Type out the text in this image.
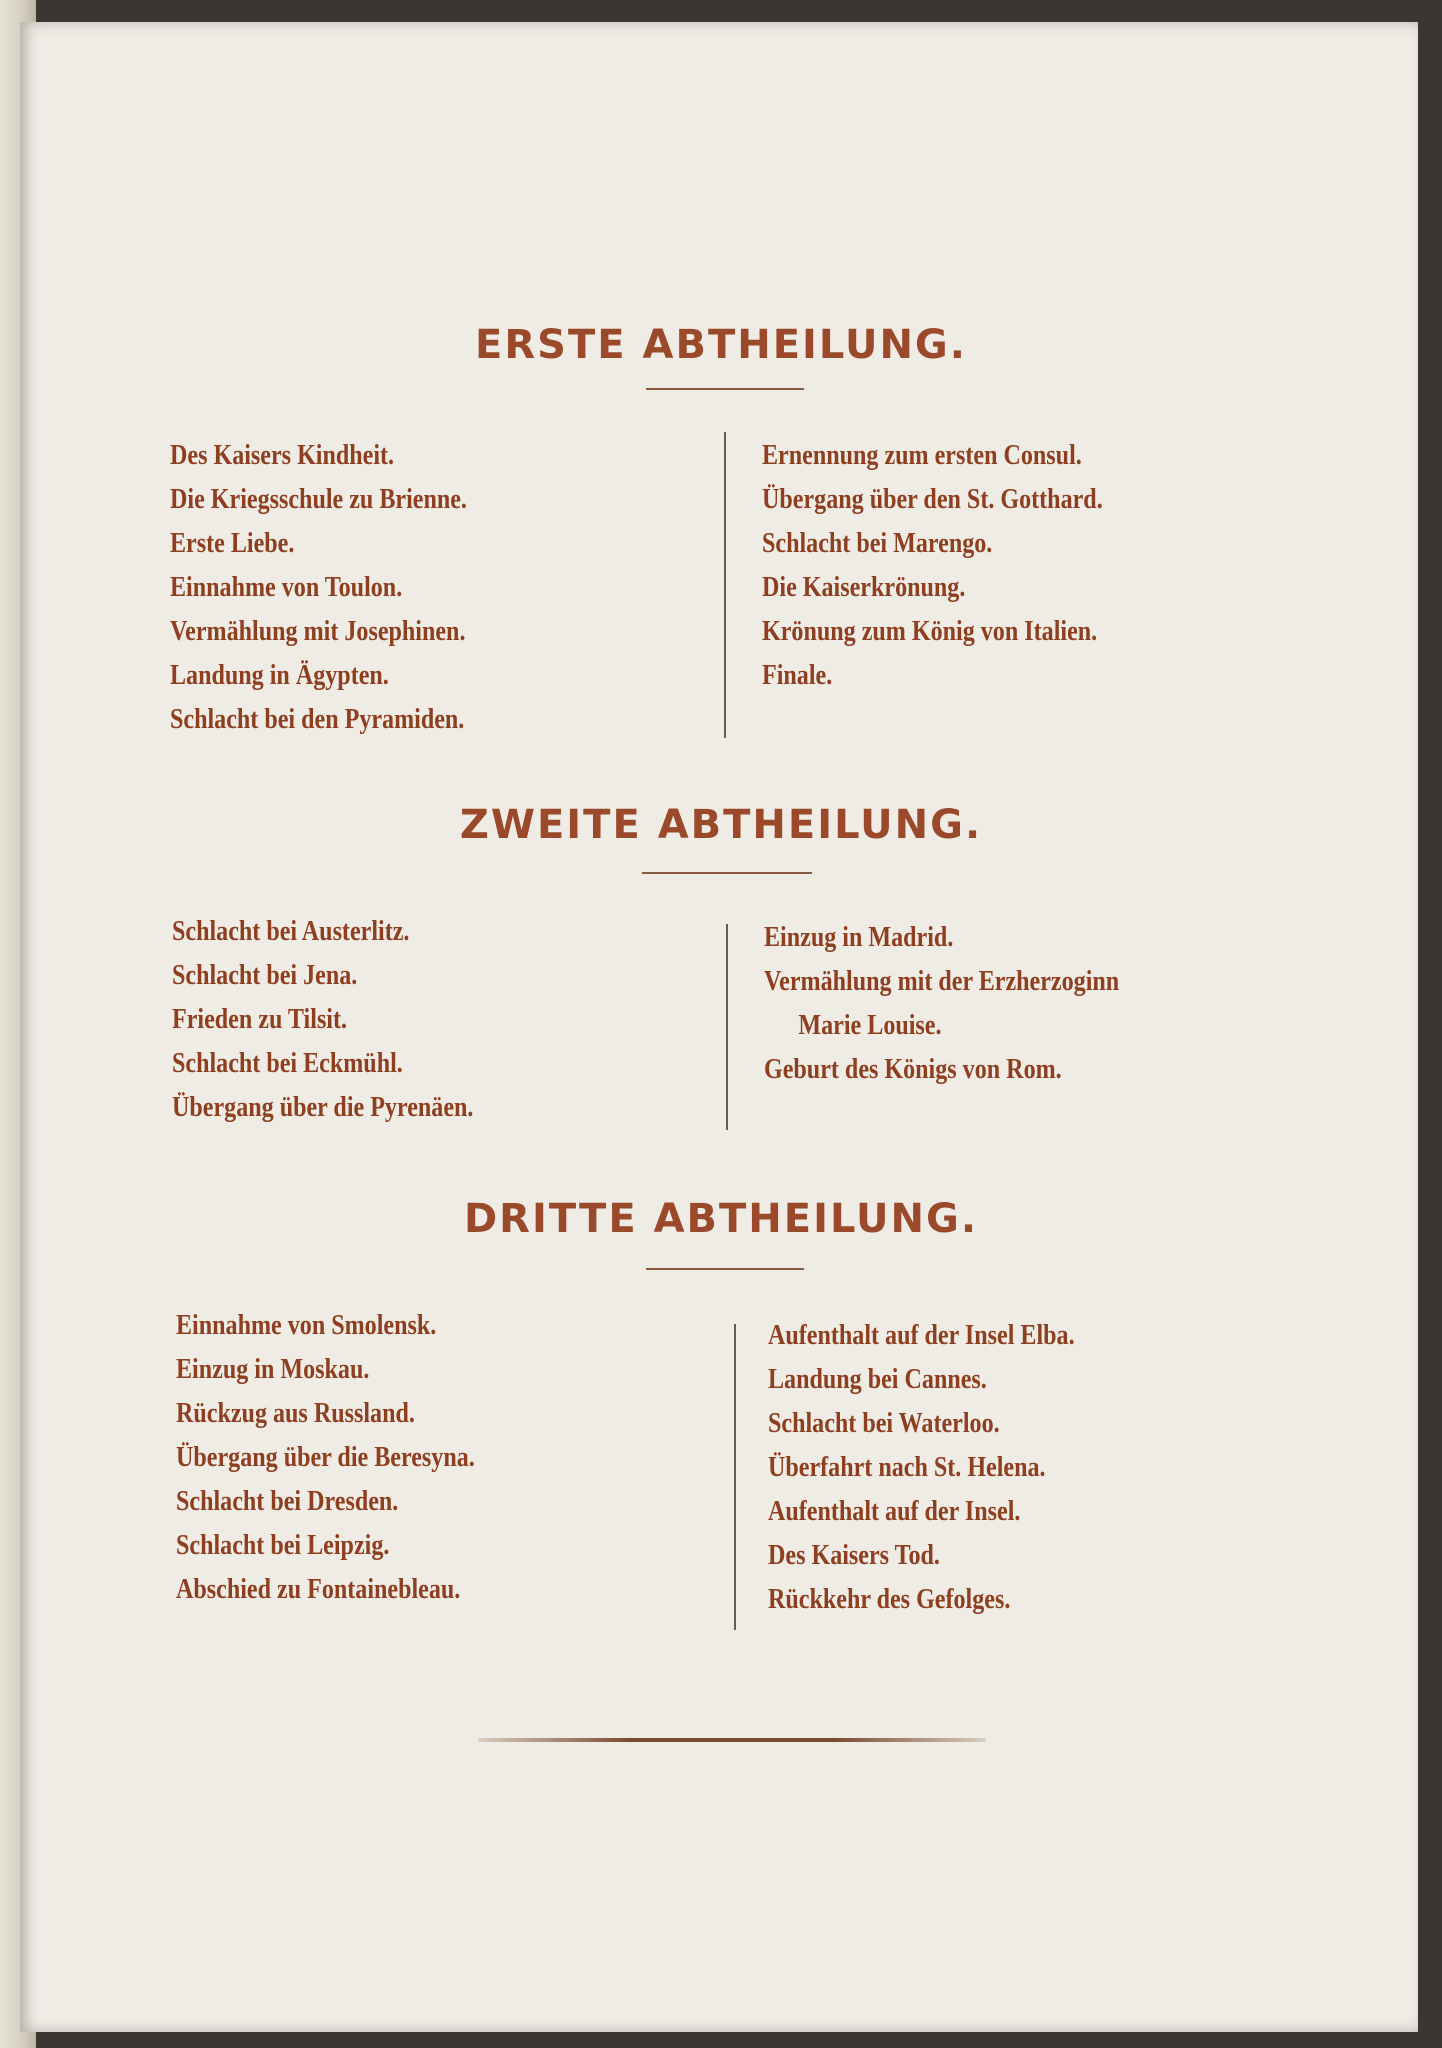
ERSTE ABTHEILUNG.
Des Kaisers Kindheit.
Die Kriegsschule zu Brienne.
Erste Liebe.
Einnahme von Toulon.
Vermählung mit Josephinen.
Landung in Ägypten.
Schlacht bei den Pyramiden.
Ernennung zum ersten Consul.
Übergang über den St. Gotthard.
Schlacht bei Marengo.
Die Kaiserkrönung.
Krönung zum König von Italien.
Finale.
ZWEITE ABTHEILUNG.
Schlacht bei Austerlitz.
Schlacht bei Jena.
Frieden zu Tilsit.
Schlacht bei Eckmühl.
Übergang über die Pyrenäen.
Einzug in Madrid.
Vermählung mit der Erzherzoginn
Marie Louise.
Geburt des Königs von Rom.
DRITTE ABTHEILUNG.
Einnahme von Smolensk.
Einzug in Moskau.
Rückzug aus Russland.
Übergang über die Beresyna.
Schlacht bei Dresden.
Schlacht bei Leipzig.
Abschied zu Fontainebleau.
Aufenthalt auf der Insel Elba.
Landung bei Cannes.
Schlacht bei Waterloo.
Überfahrt nach St. Helena.
Aufenthalt auf der Insel.
Des Kaisers Tod.
Rückkehr des Gefolges.
